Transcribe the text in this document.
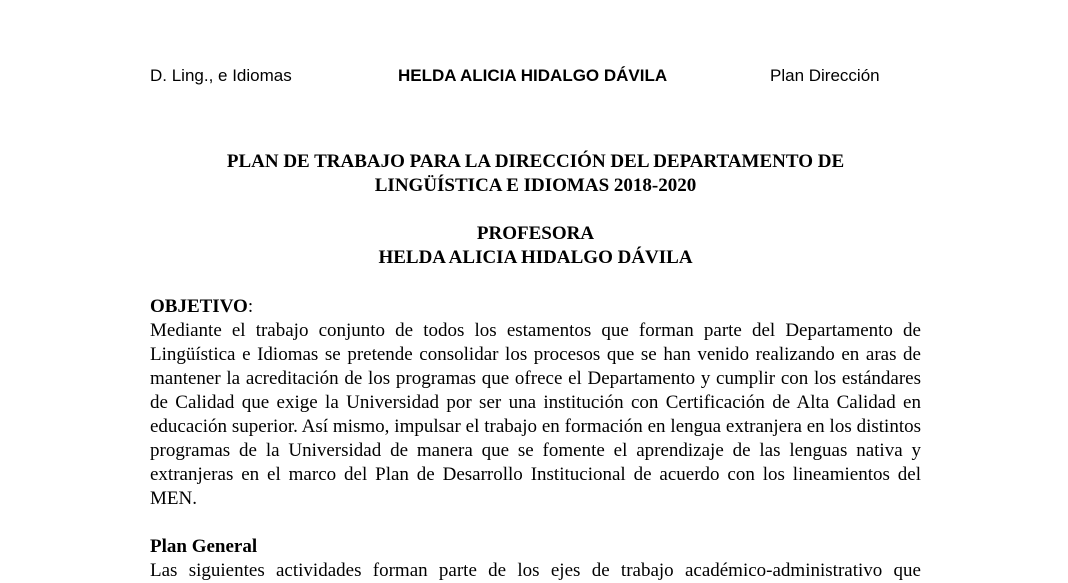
D. Ling., e Idiomas	HELDA ALICIA HIDALGO DÁVILA	Plan Dirección
PLAN DE TRABAJO PARA LA DIRECCIÓN DEL DEPARTAMENTO DE
LINGÜÍSTICA E IDIOMAS 2018-2020
PROFESORA
HELDA ALICIA HIDALGO DÁVILA
OBJETIVO:
Mediante el trabajo conjunto de todos los estamentos que forman parte del Departamento de Lingüística e Idiomas se pretende consolidar los procesos que se han venido realizando en aras de mantener la acreditación de los programas que ofrece el Departamento y cumplir con los estándares de Calidad que exige la Universidad por ser una institución con Certificación de Alta Calidad en educación superior. Así mismo, impulsar el trabajo en formación en lengua extranjera en los distintos programas de la Universidad de manera que se fomente el aprendizaje de las lenguas nativa y extranjeras en el marco del Plan de Desarrollo Institucional de acuerdo con los lineamientos del MEN.
Plan General
Las siguientes actividades forman parte de los ejes de trabajo académico-administrativo que
